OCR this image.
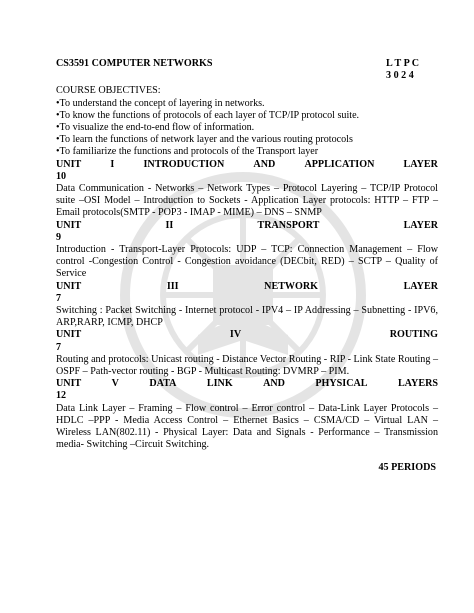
CS3591 COMPUTER NETWORKS	L T P C
3 0 2 4
COURSE OBJECTIVES:
• To understand the concept of layering in networks.
• To know the functions of protocols of each layer of TCP/IP protocol suite.
• To visualize the end-to-end flow of information.
• To learn the functions of network layer and the various routing protocols
• To familiarize the functions and protocols of the Transport layer
UNIT	I	INTRODUCTION	AND	APPLICATION	LAYER
10
Data Communication - Networks – Network Types – Protocol Layering – TCP/IP Protocol suite –OSI Model – Introduction to Sockets - Application Layer protocols: HTTP – FTP – Email protocols(SMTP - POP3 - IMAP - MIME) – DNS – SNMP
UNIT	II	TRANSPORT	LAYER
9
Introduction - Transport-Layer Protocols: UDP – TCP: Connection Management – Flow control -Congestion Control - Congestion avoidance (DECbit, RED) – SCTP – Quality of Service
UNIT	III	NETWORK	LAYER
7
Switching : Packet Switching - Internet protocol - IPV4 – IP Addressing – Subnetting - IPV6, ARP,RARP, ICMP, DHCP
UNIT	IV	ROUTING
7
Routing and protocols: Unicast routing - Distance Vector Routing - RIP - Link State Routing –OSPF – Path-vector routing - BGP - Multicast Routing: DVMRP – PIM.
UNIT	V	DATA	LINK	AND	PHYSICAL	LAYERS
12
Data Link Layer – Framing – Flow control – Error control – Data-Link Layer Protocols – HDLC –PPP - Media Access Control – Ethernet Basics – CSMA/CD – Virtual LAN – Wireless LAN(802.11) - Physical Layer: Data and Signals - Performance – Transmission media- Switching –Circuit Switching.
45 PERIODS
